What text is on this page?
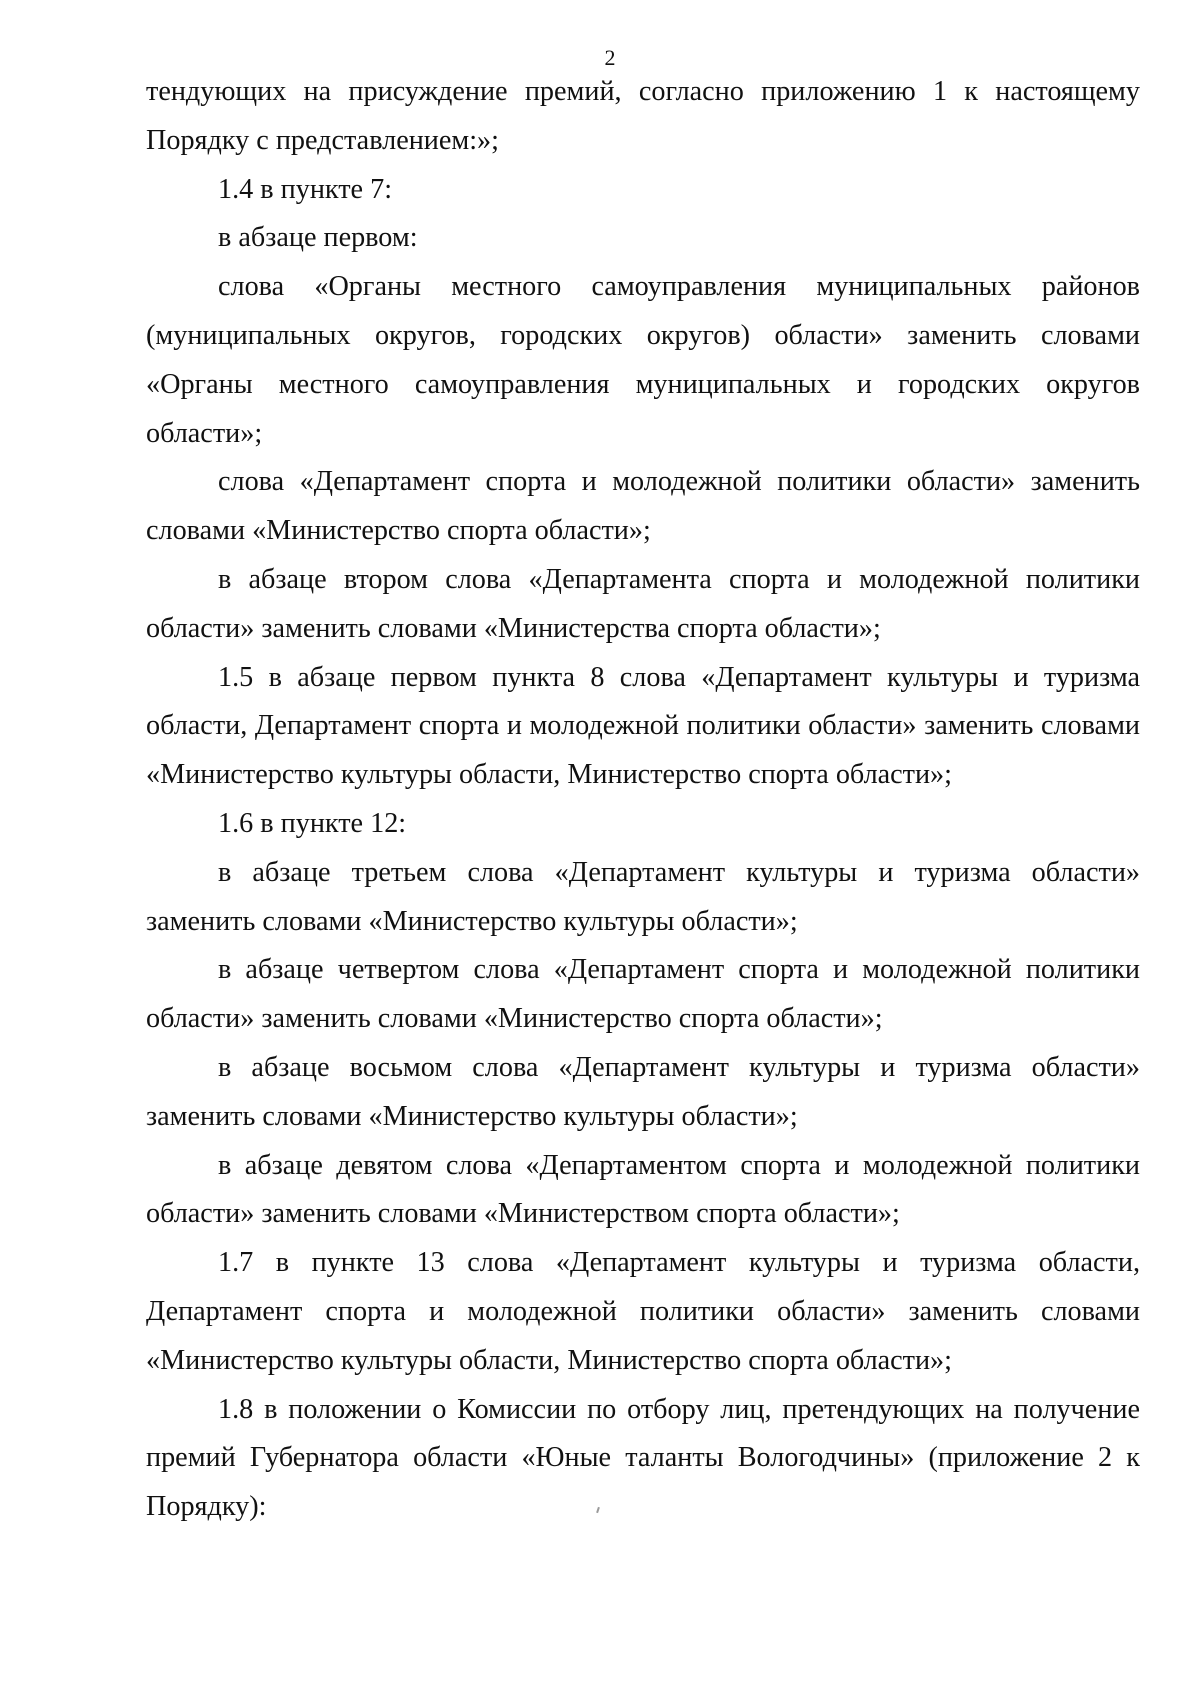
2

тендующих на присуждение премий, согласно приложению 1 к настоящему Порядку с представлением:»;

1.4 в пункте 7:

в абзаце первом:

слова «Органы местного самоуправления муниципальных районов (муниципальных округов, городских округов) области» заменить словами «Органы местного самоуправления муниципальных и городских округов области»;

слова «Департамент спорта и молодежной политики области» заменить словами «Министерство спорта области»;

в абзаце втором слова «Департамента спорта и молодежной политики области» заменить словами «Министерства спорта области»;

1.5 в абзаце первом пункта 8 слова «Департамент культуры и туризма области, Департамент спорта и молодежной политики области» заменить словами «Министерство культуры области, Министерство спорта области»;

1.6 в пункте 12:

в абзаце третьем слова «Департамент культуры и туризма области» заменить словами «Министерство культуры области»;

в абзаце четвертом слова «Департамент спорта и молодежной политики области» заменить словами «Министерство спорта области»;

в абзаце восьмом слова «Департамент культуры и туризма области» заменить словами «Министерство культуры области»;

в абзаце девятом слова «Департаментом спорта и молодежной политики области» заменить словами «Министерством спорта области»;

1.7 в пункте 13 слова «Департамент культуры и туризма области, Департамент спорта и молодежной политики области» заменить словами «Министерство культуры области, Министерство спорта области»;

1.8 в положении о Комиссии по отбору лиц, претендующих на получение премий Губернатора области «Юные таланты Вологодчины» (приложение 2 к Порядку):
